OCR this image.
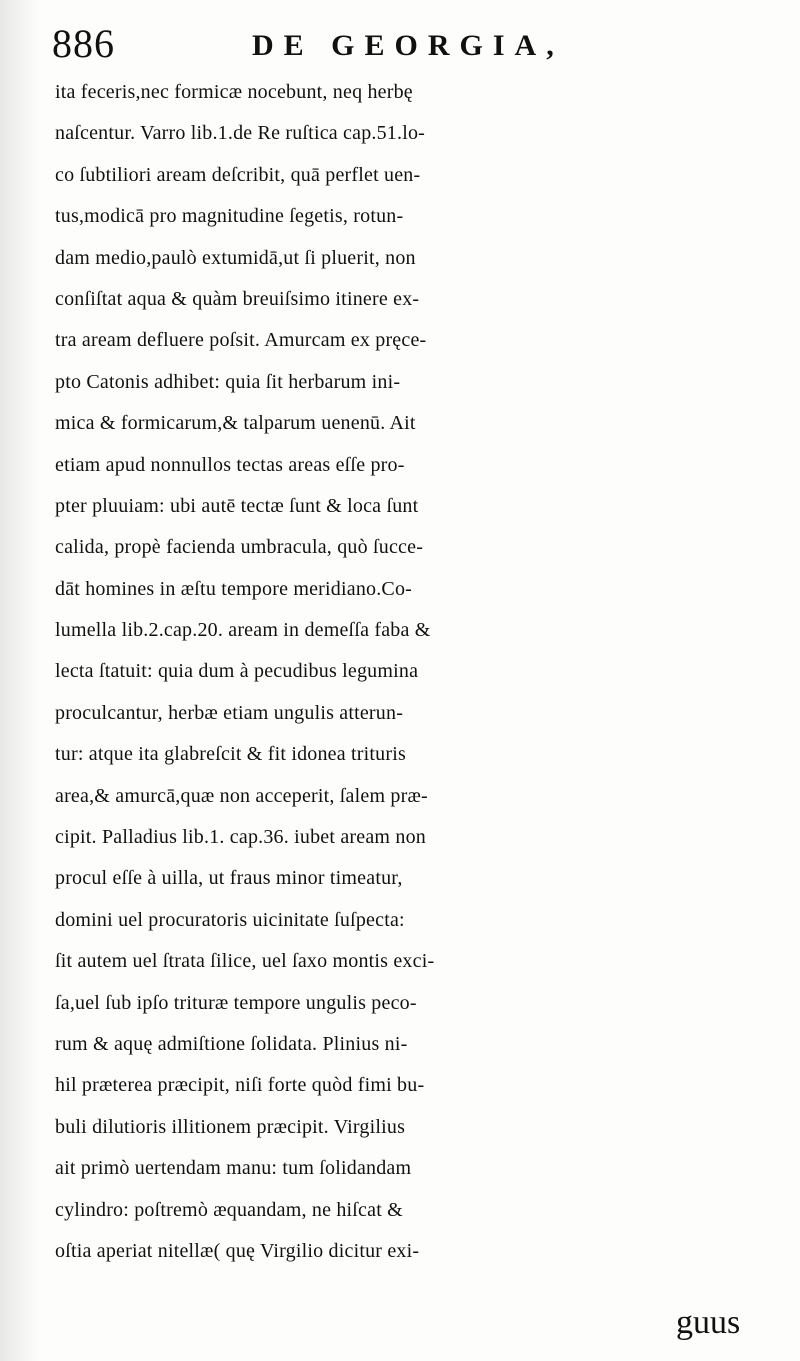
886	DE GEORGIA,
ita feceris,nec formicæ nocebunt, neq herbę
naſcentur. Varro lib.1.de Re ruſtica cap.51.lo-
co ſubtiliori aream deſcribit, quā perflet uen-
tus,modicā pro magnitudine ſegetis, rotun-
dam medio,paulò extumidā,ut ſi pluerit, non
conſiſtat aqua & quàm breuiſsimo itinere ex-
tra aream defluere poſsit. Amurcam ex pręce-
pto Catonis adhibet: quia ſit herbarum ini-
mica & formicarum,& talparum uenenū. Ait
etiam apud nonnullos tectas areas eſſe pro-
pter pluuiam: ubi autē tectæ ſunt & loca ſunt
calida, propè facienda umbracula, quò ſucce-
dāt homines in æſtu tempore meridiano.Co-
lumella lib.2.cap.20. aream in demeſſa faba &
lecta ſtatuit: quia dum à pecudibus legumina
proculcantur, herbæ etiam ungulis atterun-
tur: atque ita glabreſcit & fit idonea trituris
area,& amurcā,quæ non acceperit, ſalem præ-
cipit. Palladius lib.1. cap.36. iubet aream non
procul eſſe à uilla, ut fraus minor timeatur,
domini uel procuratoris uicinitate ſuſpecta:
ſit autem uel ſtrata ſilice, uel ſaxo montis exci-
ſa,uel ſub ipſo trituræ tempore ungulis peco-
rum & aquę admiſtione ſolidata. Plinius ni-
hil præterea præcipit, niſi forte quòd fimi bu-
buli dilutioris illitionem præcipit. Virgilius
ait primò uertendam manu: tum ſolidandam
cylindro: poſtremò æquandam, ne hiſcat &
oſtia aperiat nitellæ( quę Virgilio dicitur exi-
guus
